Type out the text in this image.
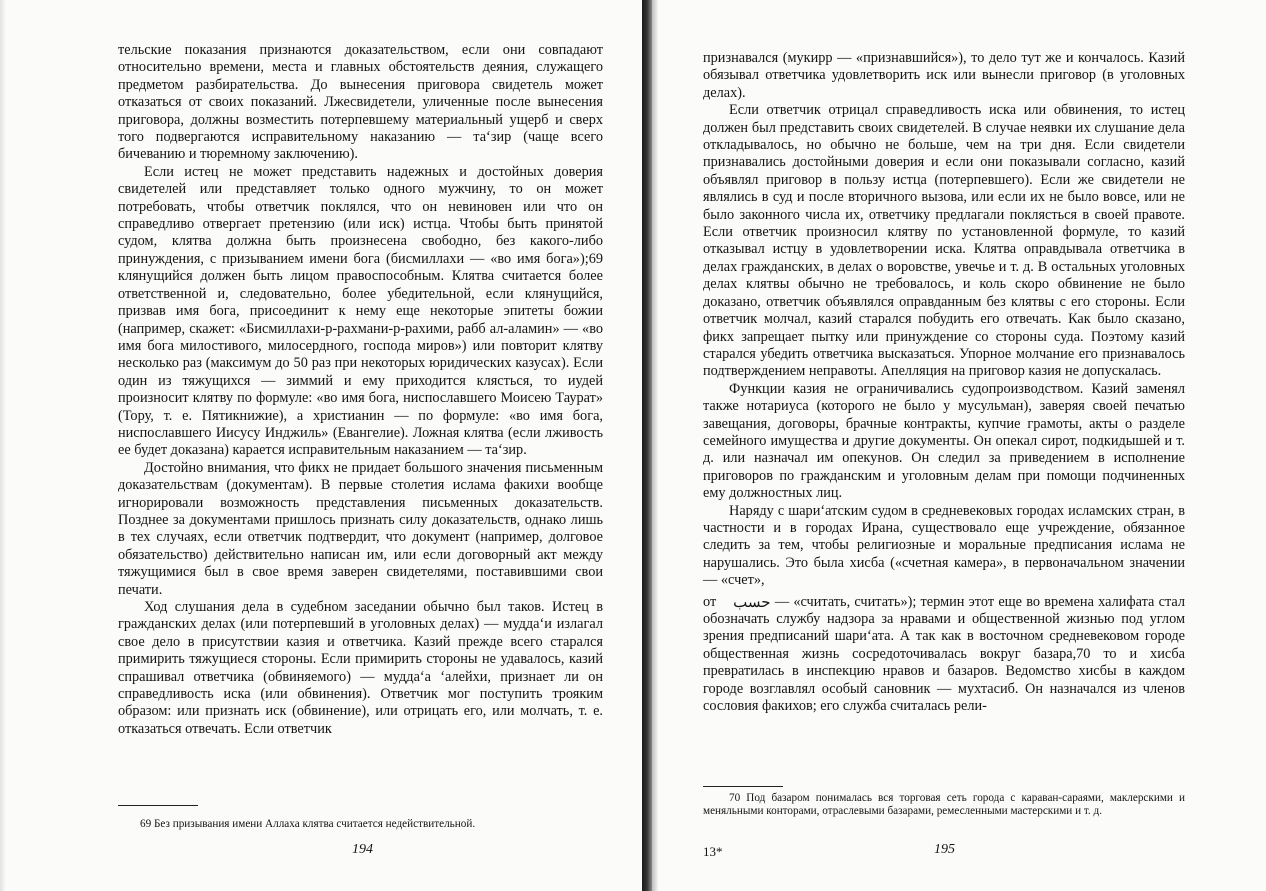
тельские показания признаются доказательством, если они совпадают относительно времени, места и главных обстоятельств деяния, служащего предметом разбирательства. До вынесения приговора свидетель может отказаться от своих показаний. Лжесвидетели, уличенные после вынесения приговора, должны возместить потерпевшему материальный ущерб и сверх того подвергаются исправительному наказанию — та‘зир (чаще всего бичеванию и тюремному заключению).

Если истец не может представить надежных и достойных доверия свидетелей или представляет только одного мужчину, то он может потребовать, чтобы ответчик поклялся, что он невиновен или что он справедливо отвергает претензию (или иск) истца. Чтобы быть принятой судом, клятва должна быть произнесена свободно, без какого-либо принуждения, с призыванием имени бога (бисмиллахи — «во имя бога»);69 клянущийся должен быть лицом правоспособным. Клятва считается более ответственной и, следовательно, более убедительной, если клянущийся, призвав имя бога, присоединит к нему еще некоторые эпитеты божии (например, скажет: «Бисмиллахи-р-рахмани-р-рахими, рабб ал-аламин» — «во имя бога милостивого, милосердного, господа миров») или повторит клятву несколько раз (максимум до 50 раз при некоторых юридических казусах). Если один из тяжущихся — зиммий и ему приходится клясться, то иудей произносит клятву по формуле: «во имя бога, ниспославшего Моисею Таурат» (Тору, т. е. Пятикнижие), а христианин — по формуле: «во имя бога, ниспославшего Иисусу Инджиль» (Евангелие). Ложная клятва (если лживость ее будет доказана) карается исправительным наказанием — та‘зир.

Достойно внимания, что фикх не придает большого значения письменным доказательствам (документам). В первые столетия ислама факихи вообще игнорировали возможность представления письменных доказательств. Позднее за документами пришлось признать силу доказательств, однако лишь в тех случаях, если ответчик подтвердит, что документ (например, долговое обязательство) действительно написан им, или если договорный акт между тяжущимися был в свое время заверен свидетелями, поставившими свои печати.

Ход слушания дела в судебном заседании обычно был таков. Истец в гражданских делах (или потерпевший в уголовных делах) — мудда‘и излагал свое дело в присутствии казия и ответчика. Казий прежде всего старался примирить тяжущиеся стороны. Если примирить стороны не удавалось, казий спрашивал ответчика (обвиняемого) — мудда‘а ‘алейхи, признает ли он справедливость иска (или обвинения). Ответчик мог поступить трояким образом: или признать иск (обвинение), или отрицать его, или молчать, т. е. отказаться отвечать. Если ответчик

69 Без призывания имени Аллаха клятва считается недействительной.
194

признавался (мукирр — «признавшийся»), то дело тут же и кончалось. Казий обязывал ответчика удовлетворить иск или вынесли приговор (в уголовных делах).

Если ответчик отрицал справедливость иска или обвинения, то истец должен был представить своих свидетелей. В случае неявки их слушание дела откладывалось, но обычно не больше, чем на три дня. Если свидетели признавались достойными доверия и если они показывали согласно, казий объявлял приговор в пользу истца (потерпевшего). Если же свидетели не являлись в суд и после вторичного вызова, или если их не было вовсе, или не было законного числа их, ответчику предлагали поклясться в своей правоте. Если ответчик произносил клятву по установленной формуле, то казий отказывал истцу в удовлетворении иска. Клятва оправдывала ответчика в делах гражданских, в делах о воровстве, увечье и т. д. В остальных уголовных делах клятвы обычно не требовалось, и коль скоро обвинение не было доказано, ответчик объявлялся оправданным без клятвы с его стороны. Если ответчик молчал, казий старался побудить его отвечать. Как было сказано, фикх запрещает пытку или принуждение со стороны суда. Поэтому казий старался убедить ответчика высказаться. Упорное молчание его признавалось подтверждением неправоты. Апелляция на приговор казия не допускалась.

Функции казия не ограничивались судопроизводством. Казий заменял также нотариуса (которого не было у мусульман), заверяя своей печатью завещания, договоры, брачные контракты, купчие грамоты, акты о разделе семейного имущества и другие документы. Он опекал сирот, подкидышей и т. д. или назначал им опекунов. Он следил за приведением в исполнение приговоров по гражданским и уголовным делам при помощи подчиненных ему должностных лиц.

Наряду с шари‘атским судом в средневековых городах исламских стран, в частности и в городах Ирана, существовало еще учреждение, обязанное следить за тем, чтобы религиозные и моральные предписания ислама не нарушались. Это была хисба («счетная камера», в первоначальном значении — «счет»,

от حسب — «считать, считать»); термин этот еще во времена халифата стал обозначать службу надзора за нравами и общественной жизнью под углом зрения предписаний шари‘ата. А так как в восточном средневековом городе общественная жизнь сосредоточивалась вокруг базара,70 то и хисба превратилась в инспекцию нравов и базаров. Ведомство хисбы в каждом городе возглавлял особый сановник — мухтасиб. Он назначался из членов сословия факихов; его служба считалась рели-

70 Под базаром понималась вся торговая сеть города с караван-сараями, маклерскими и меняльными конторами, отраслевыми базарами, ремесленными мастерскими и т. д.
13*	195
